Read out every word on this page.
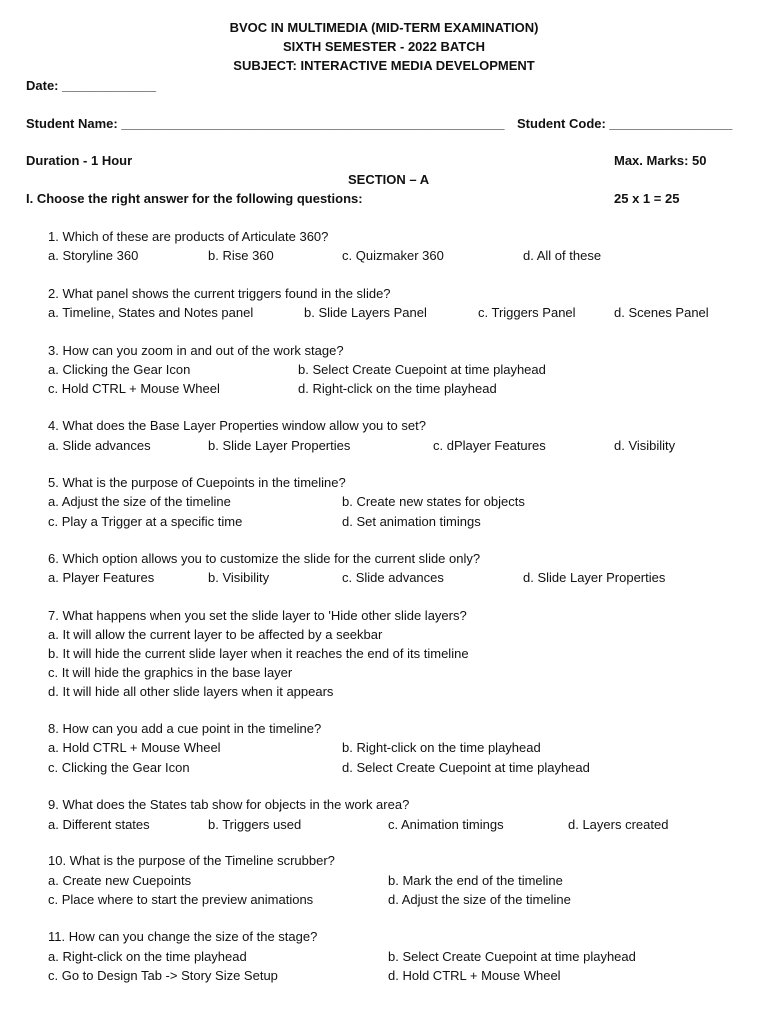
BVOC IN MULTIMEDIA (MID-TERM EXAMINATION)
SIXTH SEMESTER - 2022 BATCH
SUBJECT: INTERACTIVE MEDIA DEVELOPMENT
Date: _____________
Student Name: _____________________________________________________ Student Code: _________________
Duration - 1 Hour	Max. Marks: 50
SECTION – A
I. Choose the right answer for the following questions:	25 x 1 = 25
1. Which of these are products of Articulate 360?
a. Storyline 360	b. Rise 360	c. Quizmaker 360	d. All of these
2. What panel shows the current triggers found in the slide?
a. Timeline, States and Notes panel	b. Slide Layers Panel	c. Triggers Panel	d. Scenes Panel
3. How can you zoom in and out of the work stage?
a. Clicking the Gear Icon	b. Select Create Cuepoint at time playhead
c. Hold CTRL + Mouse Wheel	d. Right-click on the time playhead
4. What does the Base Layer Properties window allow you to set?
a. Slide advances	b. Slide Layer Properties	c. dPlayer Features	d. Visibility
5. What is the purpose of Cuepoints in the timeline?
a. Adjust the size of the timeline	b. Create new states for objects
c. Play a Trigger at a specific time	d. Set animation timings
6. Which option allows you to customize the slide for the current slide only?
a. Player Features	b. Visibility	c. Slide advances	d. Slide Layer Properties
7. What happens when you set the slide layer to 'Hide other slide layers?
a. It will allow the current layer to be affected by a seekbar
b. It will hide the current slide layer when it reaches the end of its timeline
c. It will hide the graphics in the base layer
d. It will hide all other slide layers when it appears
8. How can you add a cue point in the timeline?
a. Hold CTRL + Mouse Wheel	b. Right-click on the time playhead
c. Clicking the Gear Icon	d. Select Create Cuepoint at time playhead
9. What does the States tab show for objects in the work area?
a. Different states	b. Triggers used	c. Animation timings	d. Layers created
10. What is the purpose of the Timeline scrubber?
a. Create new Cuepoints	b. Mark the end of the timeline
c. Place where to start the preview animations	d. Adjust the size of the timeline
11. How can you change the size of the stage?
a. Right-click on the time playhead	b. Select Create Cuepoint at time playhead
c. Go to Design Tab -> Story Size Setup	d. Hold CTRL + Mouse Wheel
